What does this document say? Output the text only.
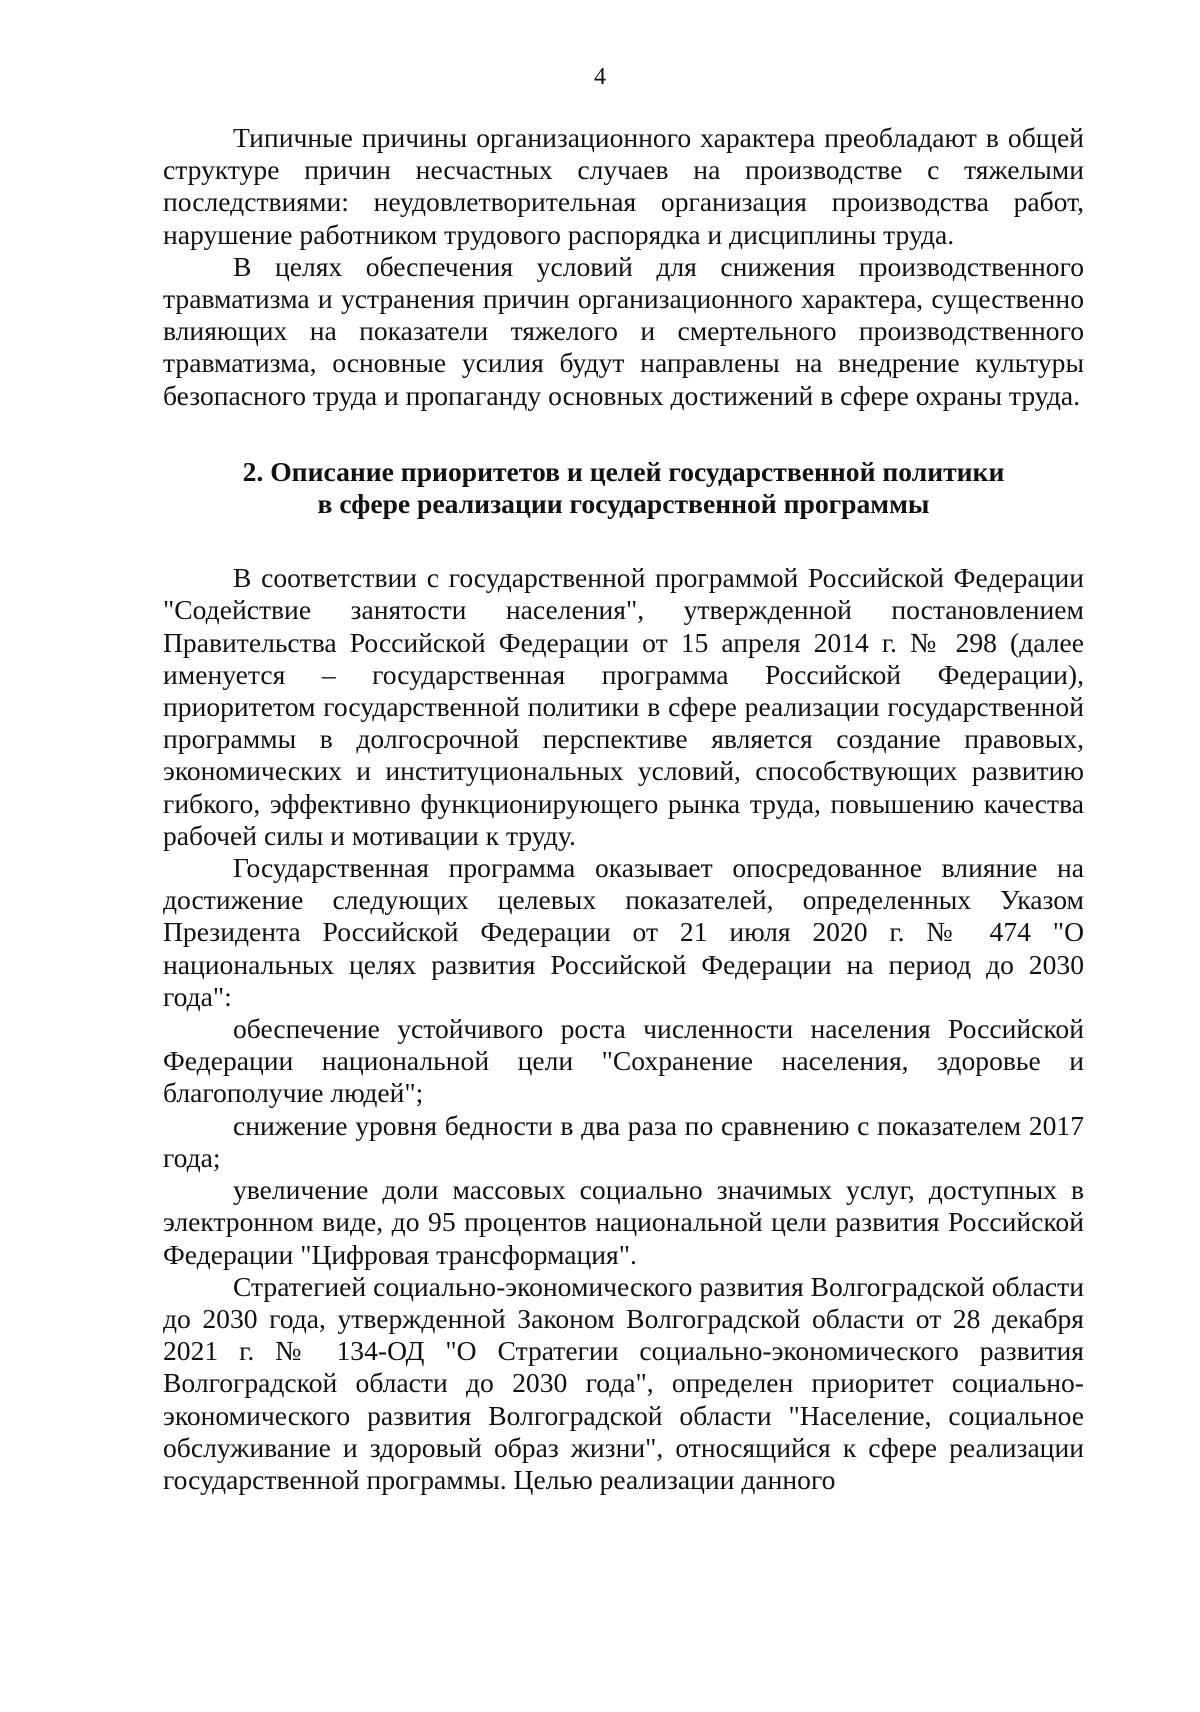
4

Типичные причины организационного характера преобладают в общей структуре причин несчастных случаев на производстве с тяжелыми последствиями: неудовлетворительная организация производства работ, нарушение работником трудового распорядка и дисциплины труда.

В целях обеспечения условий для снижения производственного травматизма и устранения причин организационного характера, существенно влияющих на показатели тяжелого и смертельного производственного травматизма, основные усилия будут направлены на внедрение культуры безопасного труда и пропаганду основных достижений в сфере охраны труда.

2. Описание приоритетов и целей государственной политики
в сфере реализации государственной программы

В соответствии с государственной программой Российской Федерации "Содействие занятости населения", утвержденной постановлением Правительства Российской Федерации от 15 апреля 2014 г. № 298 (далее именуется – государственная программа Российской Федерации), приоритетом государственной политики в сфере реализации государственной программы в долгосрочной перспективе является создание правовых, экономических и институциональных условий, способствующих развитию гибкого, эффективно функционирующего рынка труда, повышению качества рабочей силы и мотивации к труду.

Государственная программа оказывает опосредованное влияние на достижение следующих целевых показателей, определенных Указом Президента Российской Федерации от 21 июля 2020 г. № 474 "О национальных целях развития Российской Федерации на период до 2030 года":

обеспечение устойчивого роста численности населения Российской Федерации национальной цели "Сохранение населения, здоровье и благополучие людей";

снижение уровня бедности в два раза по сравнению с показателем 2017 года;

увеличение доли массовых социально значимых услуг, доступных в электронном виде, до 95 процентов национальной цели развития Российской Федерации "Цифровая трансформация".

Стратегией социально-экономического развития Волгоградской области до 2030 года, утвержденной Законом Волгоградской области от 28 декабря 2021 г. № 134-ОД "О Стратегии социально-экономического развития Волгоградской области до 2030 года", определен приоритет социально-экономического развития Волгоградской области "Население, социальное обслуживание и здоровый образ жизни", относящийся к сфере реализации государственной программы. Целью реализации данного
